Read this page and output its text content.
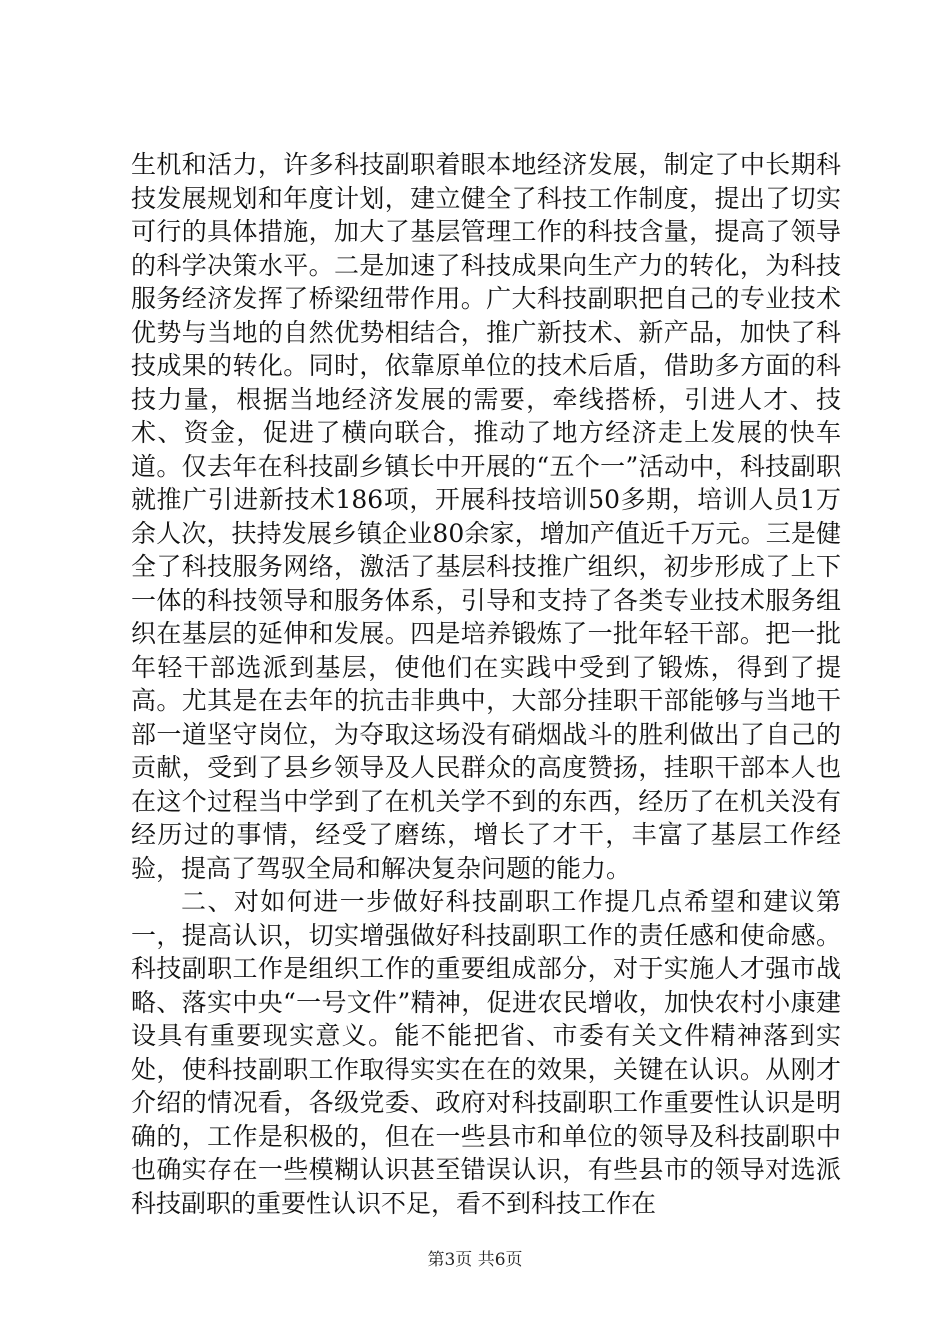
生机和活力，许多科技副职着眼本地经济发展，制定了中长期科技发展规划和年度计划，建立健全了科技工作制度，提出了切实可行的具体措施，加大了基层管理工作的科技含量，提高了领导的科学决策水平。二是加速了科技成果向生产力的转化，为科技服务经济发挥了桥梁纽带作用。广大科技副职把自己的专业技术优势与当地的自然优势相结合，推广新技术、新产品，加快了科技成果的转化。同时，依靠原单位的技术后盾，借助多方面的科技力量，根据当地经济发展的需要，牵线搭桥，引进人才、技术、资金，促进了横向联合，推动了地方经济走上发展的快车道。仅去年在科技副乡镇长中开展的“五个一”活动中，科技副职就推广引进新技术186项，开展科技培训50多期，培训人员1万余人次，扶持发展乡镇企业80余家，增加产值近千万元。三是健全了科技服务网络，激活了基层科技推广组织，初步形成了上下一体的科技领导和服务体系，引导和支持了各类专业技术服务组织在基层的延伸和发展。四是培养锻炼了一批年轻干部。把一批年轻干部选派到基层，使他们在实践中受到了锻炼，得到了提高。尤其是在去年的抗击非典中，大部分挂职干部能够与当地干部一道坚守岗位，为夺取这场没有硝烟战斗的胜利做出了自己的贡献，受到了县乡领导及人民群众的高度赞扬，挂职干部本人也在这个过程当中学到了在机关学不到的东西，经历了在机关没有经历过的事情，经受了磨练，增长了才干，丰富了基层工作经验，提高了驾驭全局和解决复杂问题的能力。

二、对如何进一步做好科技副职工作提几点希望和建议第一，提高认识，切实增强做好科技副职工作的责任感和使命感。科技副职工作是组织工作的重要组成部分，对于实施人才强市战略、落实中央“一号文件”精神，促进农民增收，加快农村小康建设具有重要现实意义。能不能把省、市委有关文件精神落到实处，使科技副职工作取得实实在在的效果，关键在认识。从刚才介绍的情况看，各级党委、政府对科技副职工作重要性认识是明确的，工作是积极的，但在一些县市和单位的领导及科技副职中也确实存在一些模糊认识甚至错误认识，有些县市的领导对选派科技副职的重要性认识不足，看不到科技工作在

第3页 共6页
